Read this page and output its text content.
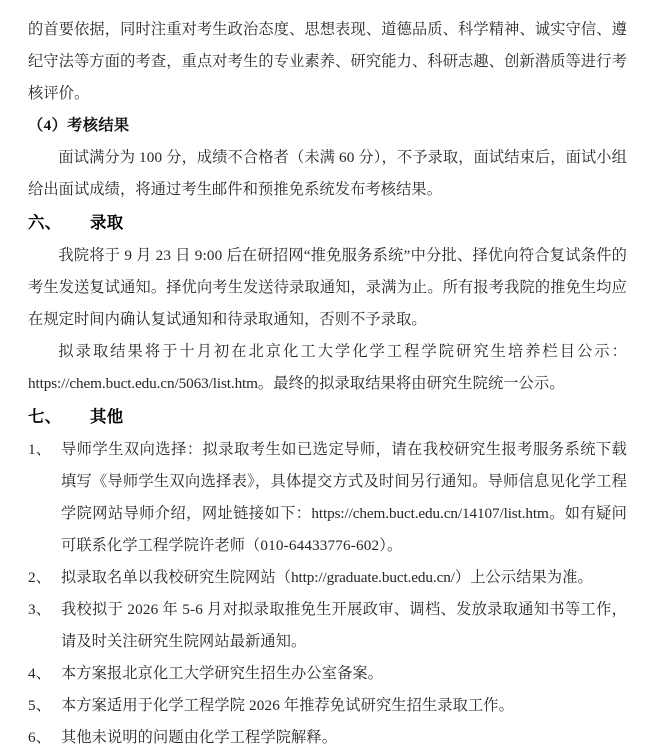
的首要依据，同时注重对考生政治态度、思想表现、道德品质、科学精神、诚实守信、遵纪守法等方面的考查，重点对考生的专业素养、研究能力、科研志趣、创新潜质等进行考核评价。

（4）考核结果

面试满分为 100 分，成绩不合格者（未满 60 分），不予录取，面试结束后，面试小组给出面试成绩，将通过考生邮件和预推免系统发布考核结果。

六、 录取

我院将于 9 月 23 日 9:00 后在研招网“推免服务系统”中分批、择优向符合复试条件的考生发送复试通知。择优向考生发送待录取通知，录满为止。所有报考我院的推免生均应在规定时间内确认复试通知和待录取通知，否则不予录取。

拟录取结果将于十月初在北京化工大学化学工程学院研究生培养栏目公示：https://chem.buct.edu.cn/5063/list.htm。最终的拟录取结果将由研究生院统一公示。

七、 其他
1、 导师学生双向选择：拟录取考生如已选定导师，请在我校研究生报考服务系统下载填写《导师学生双向选择表》，具体提交方式及时间另行通知。导师信息见化学工程学院网站导师介绍，网址链接如下：https://chem.buct.edu.cn/14107/list.htm。如有疑问可联系化学工程学院许老师（010-64433776-602）。
2、 拟录取名单以我校研究生院网站（http://graduate.buct.edu.cn/）上公示结果为准。
3、 我校拟于 2026 年 5-6 月对拟录取推免生开展政审、调档、发放录取通知书等工作，请及时关注研究生院网站最新通知。
4、 本方案报北京化工大学研究生招生办公室备案。
5、 本方案适用于化学工程学院 2026 年推荐免试研究生招生录取工作。
6、 其他未说明的问题由化学工程学院解释。
